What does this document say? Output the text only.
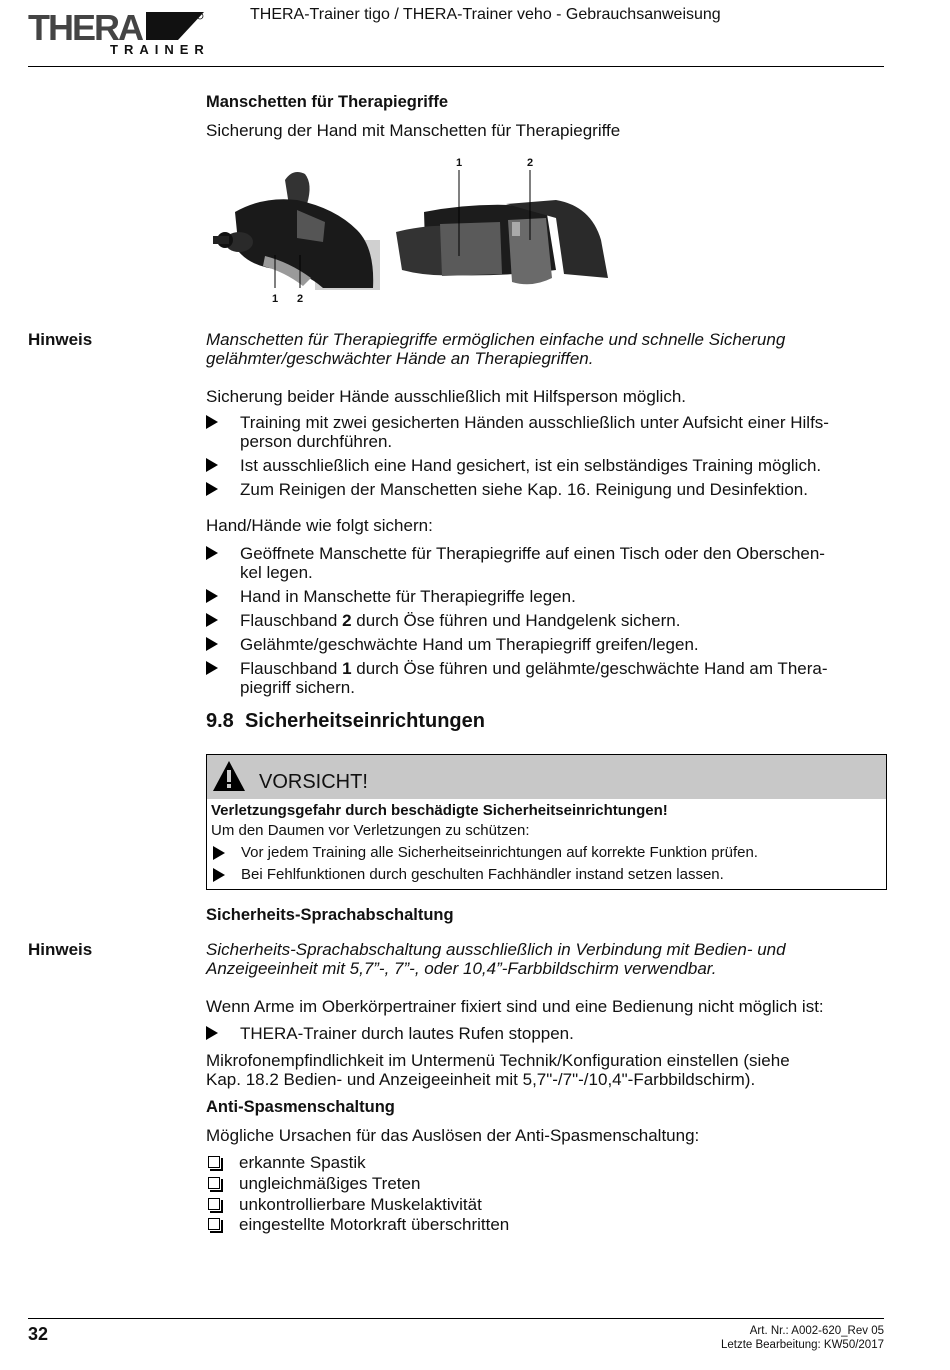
THERA
TRAINER
THERA-Trainer tigo / THERA-Trainer veho - Gebrauchsanweisung
Manschetten für Therapiegriffe
Sicherung der Hand mit Manschetten für Therapiegriffe
1 2
1	2
Hinweis	Manschetten für Therapiegriffe ermöglichen einfache und schnelle Sicherung
gelähmter/geschwächter Hände an Therapiegriffen.
Sicherung beider Hände ausschließlich mit Hilfsperson möglich.
Training mit zwei gesicherten Händen ausschließlich unter Aufsicht einer Hilfs-
person durchführen.
Ist ausschließlich eine Hand gesichert, ist ein selbständiges Training möglich.
Zum Reinigen der Manschetten siehe Kap. 16. Reinigung und Desinfektion.
Hand/Hände wie folgt sichern:
Geöffnete Manschette für Therapiegriffe auf einen Tisch oder den Oberschen-
kel legen.
Hand in Manschette für Therapiegriffe legen.
Flauschband 2 durch Öse führen und Handgelenk sichern.
Gelähmte/geschwächte Hand um Therapiegriff greifen/legen.
Flauschband 1 durch Öse führen und gelähmte/geschwächte Hand am Thera-
piegriff sichern.
9.8 Sicherheitseinrichtungen
VORSICHT!
Verletzungsgefahr durch beschädigte Sicherheitseinrichtungen!
Um den Daumen vor Verletzungen zu schützen:
Vor jedem Training alle Sicherheitseinrichtungen auf korrekte Funktion prüfen.
Bei Fehlfunktionen durch geschulten Fachhändler instand setzen lassen.
Sicherheits-Sprachabschaltung
Hinweis	Sicherheits-Sprachabschaltung ausschließlich in Verbindung mit Bedien- und
Anzeigeeinheit mit 5,7”-, 7”-, oder 10,4”-Farbbildschirm verwendbar.
Wenn Arme im Oberkörpertrainer fixiert sind und eine Bedienung nicht möglich ist:
THERA-Trainer durch lautes Rufen stoppen.
Mikrofonempfindlichkeit im Untermenü Technik/Konfiguration einstellen (siehe
Kap. 18.2 Bedien- und Anzeigeeinheit mit 5,7"-/7"-/10,4"-Farbbildschirm).
Anti-Spasmenschaltung
Mögliche Ursachen für das Auslösen der Anti-Spasmenschaltung:
erkannte Spastik
ungleichmäßiges Treten
unkontrollierbare Muskelaktivität
eingestellte Motorkraft überschritten
32	Art. Nr.: A002-620_Rev 05
Letzte Bearbeitung: KW50/2017
